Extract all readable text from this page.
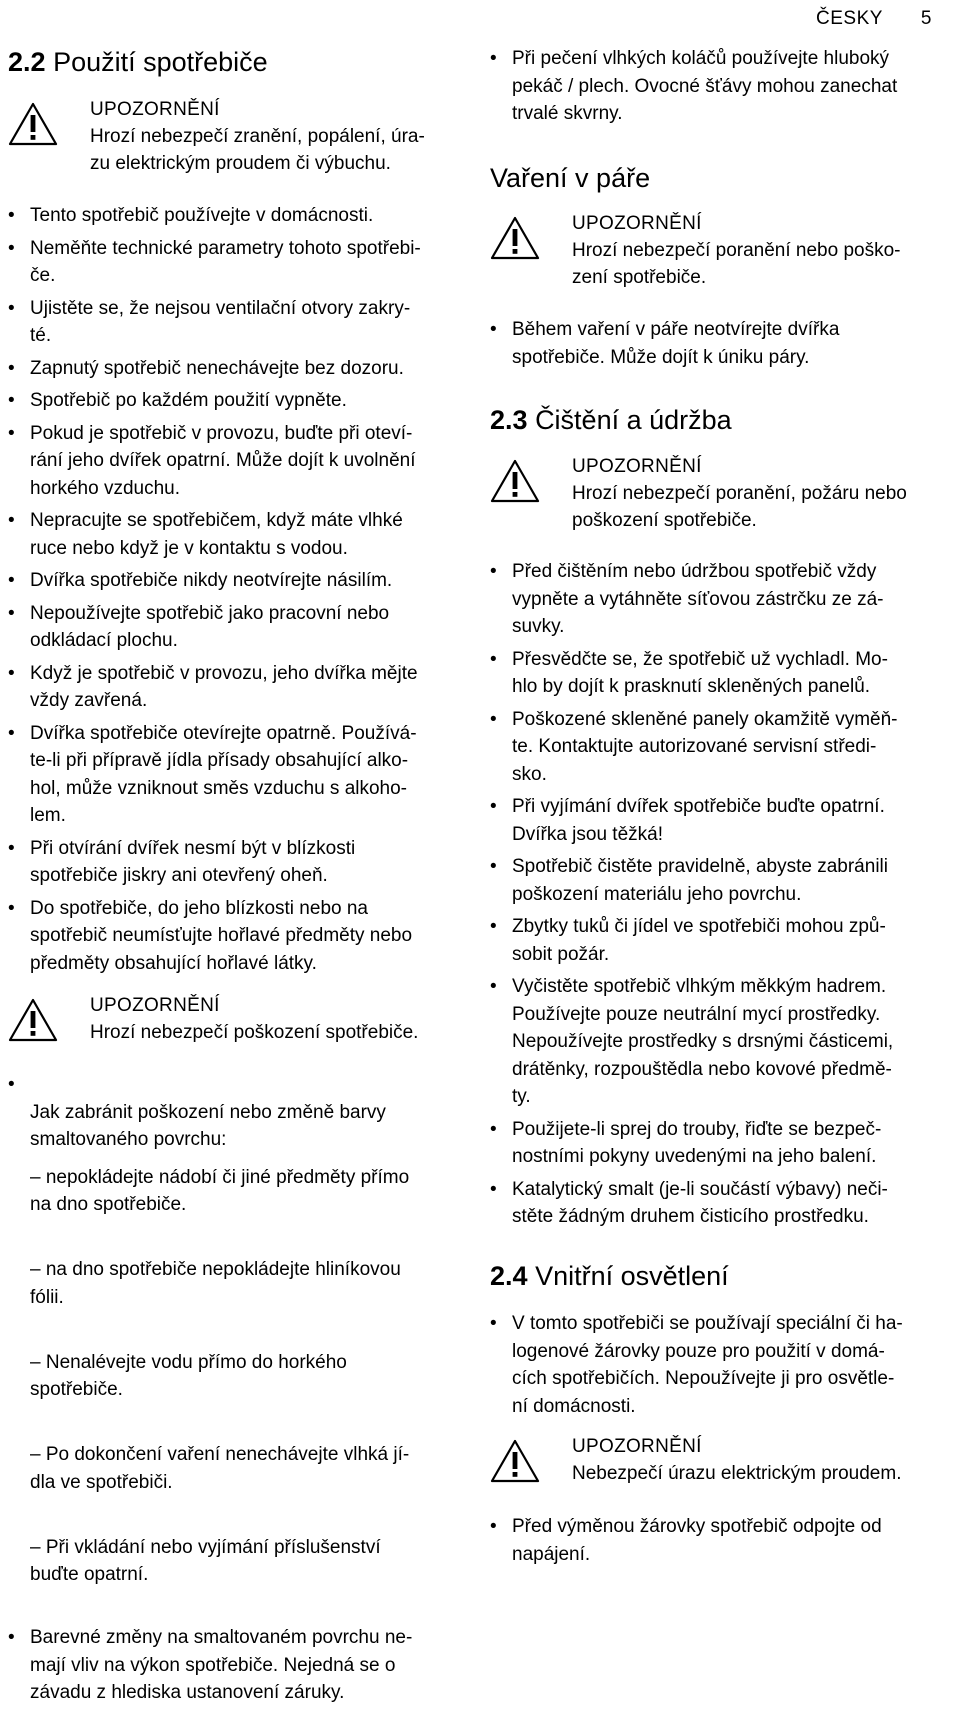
ČESKY 5
2.2 Použití spotřebiče
UPOZORNĚNÍ
Hrozí nebezpečí zranění, popálení, úra-
zu elektrickým proudem či výbuchu.
• Tento spotřebič používejte v domácnosti.
• Neměňte technické parametry tohoto spotřebi-
če.
• Ujistěte se, že nejsou ventilační otvory zakry-
té.
• Zapnutý spotřebič nenechávejte bez dozoru.
• Spotřebič po každém použití vypněte.
• Pokud je spotřebič v provozu, buďte při oteví-
rání jeho dvířek opatrní. Může dojít k uvolnění
horkého vzduchu.
• Nepracujte se spotřebičem, když máte vlhké
ruce nebo když je v kontaktu s vodou.
• Dvířka spotřebiče nikdy neotvírejte násilím.
• Nepoužívejte spotřebič jako pracovní nebo
odkládací plochu.
• Když je spotřebič v provozu, jeho dvířka mějte
vždy zavřená.
• Dvířka spotřebiče otevírejte opatrně. Používá-
te-li při přípravě jídla přísady obsahující alko-
hol, může vzniknout směs vzduchu s alkoho-
lem.
• Při otvírání dvířek nesmí být v blízkosti
spotřebiče jiskry ani otevřený oheň.
• Do spotřebiče, do jeho blízkosti nebo na
spotřebič neumísťujte hořlavé předměty nebo
předměty obsahující hořlavé látky.
UPOZORNĚNÍ
Hrozí nebezpečí poškození spotřebiče.

• Jak zabránit poškození nebo změně barvy
smaltovaného povrchu:

– nepokládejte nádobí či jiné předměty přímo
na dno spotřebiče.

– na dno spotřebiče nepokládejte hliníkovou
fólii.

– Nenalévejte vodu přímo do horkého
spotřebiče.

– Po dokončení vaření nenechávejte vlhká jí-
dla ve spotřebiči.

– Při vkládání nebo vyjímání příslušenství
buďte opatrní.

• Barevné změny na smaltovaném povrchu ne-
mají vliv na výkon spotřebiče. Nejedná se o
závadu z hlediska ustanovení záruky.
• Při pečení vlhkých koláčů používejte hluboký
pekáč / plech. Ovocné šťávy mohou zanechat
trvalé skvrny.
Vaření v páře
UPOZORNĚNÍ
Hrozí nebezpečí poranění nebo poško-
zení spotřebiče.
• Během vaření v páře neotvírejte dvířka
spotřebiče. Může dojít k úniku páry.
2.3 Čištění a údržba
UPOZORNĚNÍ
Hrozí nebezpečí poranění, požáru nebo
poškození spotřebiče.
• Před čištěním nebo údržbou spotřebič vždy
vypněte a vytáhněte síťovou zástrčku ze zá-
suvky.
• Přesvědčte se, že spotřebič už vychladl. Mo-
hlo by dojít k prasknutí skleněných panelů.
• Poškozené skleněné panely okamžitě vyměň-
te. Kontaktujte autorizované servisní středi-
sko.
• Při vyjímání dvířek spotřebiče buďte opatrní.
Dvířka jsou těžká!
• Spotřebič čistěte pravidelně, abyste zabránili
poškození materiálu jeho povrchu.
• Zbytky tuků či jídel ve spotřebiči mohou způ-
sobit požár.
• Vyčistěte spotřebič vlhkým měkkým hadrem.
Používejte pouze neutrální mycí prostředky.
Nepoužívejte prostředky s drsnými částicemi,
drátěnky, rozpouštědla nebo kovové předmě-
ty.
• Použijete-li sprej do trouby, řiďte se bezpeč-
nostními pokyny uvedenými na jeho balení.
• Katalytický smalt (je-li součástí výbavy) neči-
stěte žádným druhem čisticího prostředku.
2.4 Vnitřní osvětlení
• V tomto spotřebiči se používají speciální či ha-
logenové žárovky pouze pro použití v domá-
cích spotřebičích. Nepoužívejte ji pro osvětle-
ní domácnosti.
UPOZORNĚNÍ
Nebezpečí úrazu elektrickým proudem.
• Před výměnou žárovky spotřebič odpojte od
napájení.
